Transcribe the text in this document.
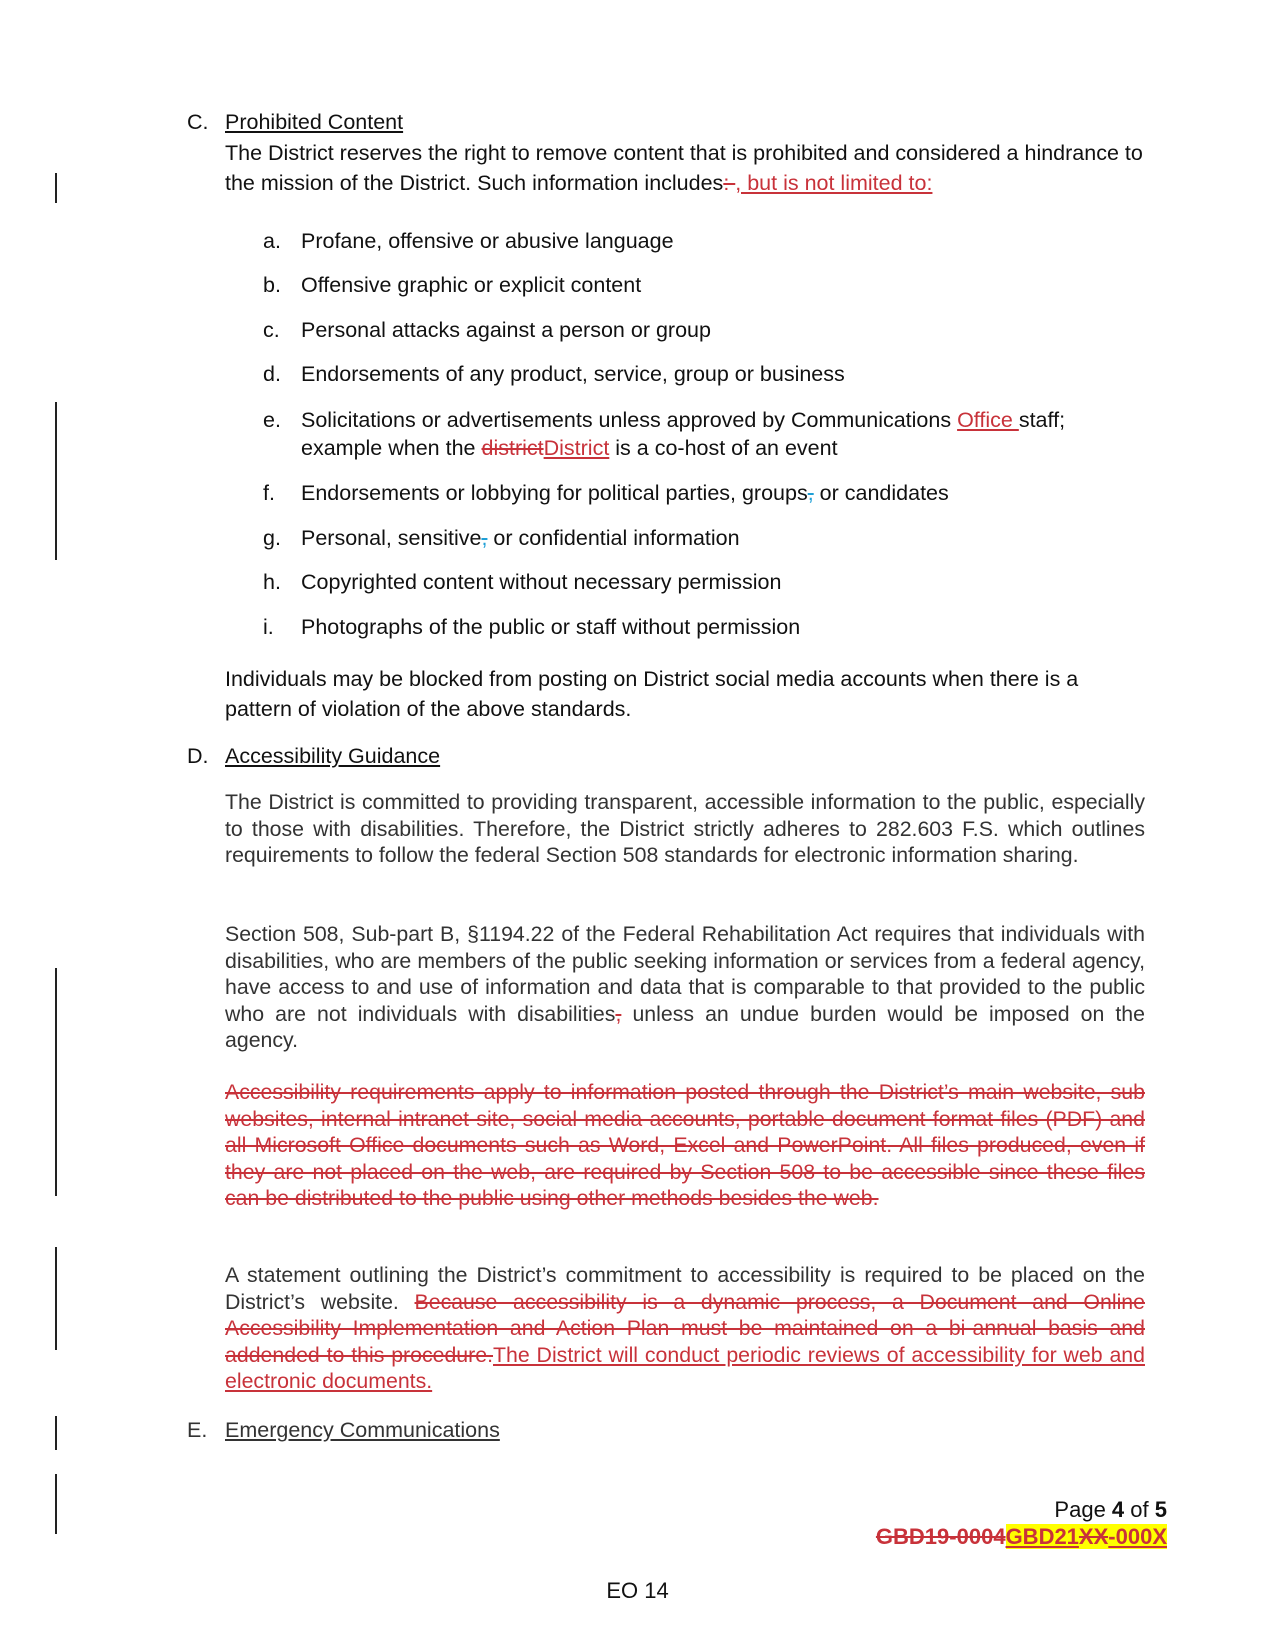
C. Prohibited Content
The District reserves the right to remove content that is prohibited and considered a hindrance to the mission of the District. Such information includes: , but is not limited to:
a. Profane, offensive or abusive language
b. Offensive graphic or explicit content
c. Personal attacks against a person or group
d. Endorsements of any product, service, group or business
e. Solicitations or advertisements unless approved by Communications Office staff; example when the districtDistrict is a co-host of an event
f.	Endorsements or lobbying for political parties, groups, or candidates
g. Personal, sensitive, or confidential information
h. Copyrighted content without necessary permission
i.	Photographs of the public or staff without permission
Individuals may be blocked from posting on District social media accounts when there is a pattern of violation of the above standards.
D. Accessibility Guidance
The District is committed to providing transparent, accessible information to the public, especially to those with disabilities. Therefore, the District strictly adheres to 282.603 F.S. which outlines requirements to follow the federal Section 508 standards for electronic information sharing.
Section 508, Sub-part B, §1194.22 of the Federal Rehabilitation Act requires that individuals with disabilities, who are members of the public seeking information or services from a federal agency, have access to and use of information and data that is comparable to that provided to the public who are not individuals with disabilities, unless an undue burden would be imposed on the agency.
Accessibility requirements apply to information posted through the District’s main website, sub websites, internal intranet site, social media accounts, portable document format files (PDF) and all Microsoft Office documents such as Word, Excel and PowerPoint. All files produced, even if they are not placed on the web, are required by Section 508 to be accessible since these files can be distributed to the public using other methods besides the web.
A statement outlining the District’s commitment to accessibility is required to be placed on the District’s website. Because accessibility is a dynamic process, a Document and Online Accessibility Implementation and Action Plan must be maintained on a bi-annual basis and addended to this procedure.The District will conduct periodic reviews of accessibility for web and electronic documents.
E. Emergency Communications
Page 4 of 5
GBD19-0004GBD21XX-000X
EO 14
